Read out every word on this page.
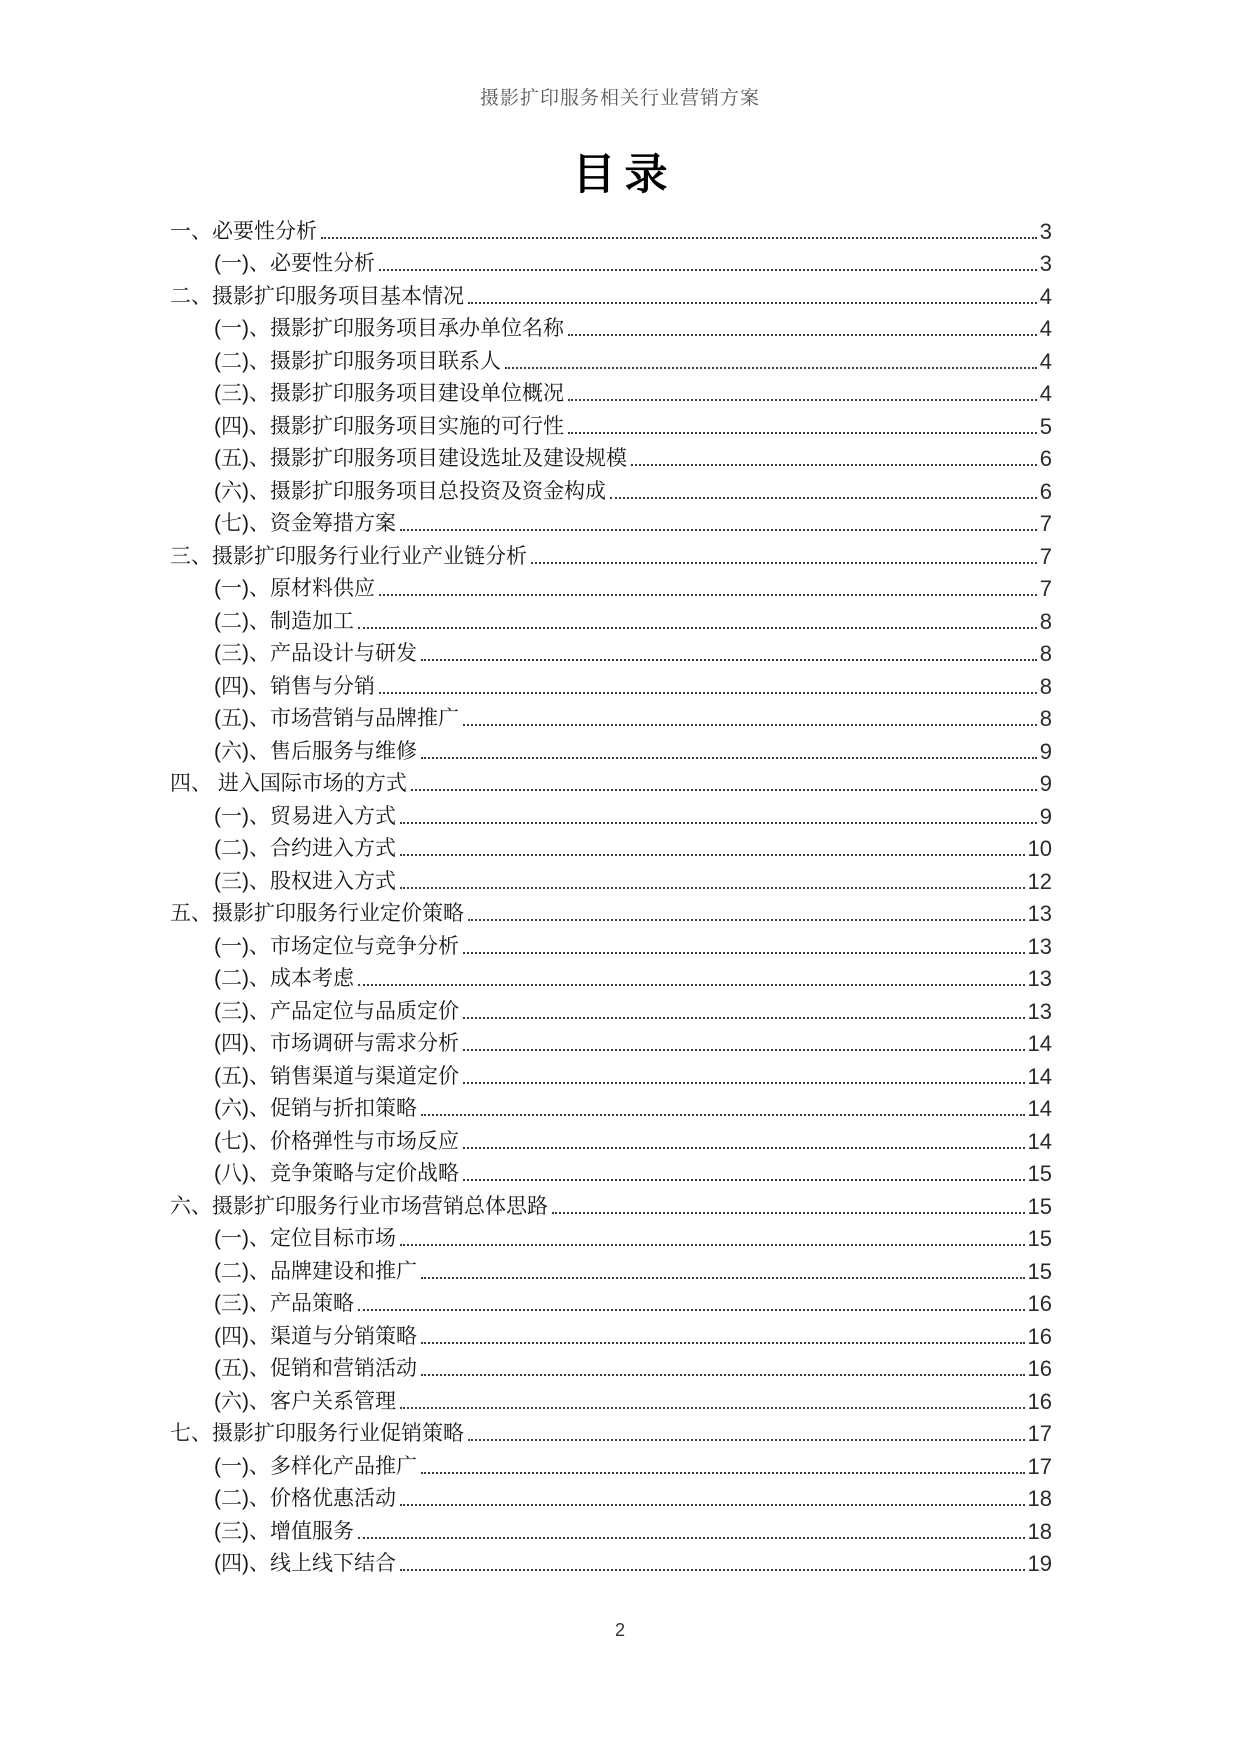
摄影扩印服务相关行业营销方案
目录
一、必要性分析	3
(一)、必要性分析	3
二、摄影扩印服务项目基本情况	4
(一)、摄影扩印服务项目承办单位名称	4
(二)、摄影扩印服务项目联系人	4
(三)、摄影扩印服务项目建设单位概况	4
(四)、摄影扩印服务项目实施的可行性	5
(五)、摄影扩印服务项目建设选址及建设规模	6
(六)、摄影扩印服务项目总投资及资金构成	6
(七)、资金筹措方案	7
三、摄影扩印服务行业行业产业链分析	7
(一)、原材料供应	7
(二)、制造加工	8
(三)、产品设计与研发	8
(四)、销售与分销	8
(五)、市场营销与品牌推广	8
(六)、售后服务与维修	9
四、 进入国际市场的方式	9
(一)、贸易进入方式	9
(二)、合约进入方式	10
(三)、股权进入方式	12
五、摄影扩印服务行业定价策略	13
(一)、市场定位与竞争分析	13
(二)、成本考虑	13
(三)、产品定位与品质定价	13
(四)、市场调研与需求分析	14
(五)、销售渠道与渠道定价	14
(六)、促销与折扣策略	14
(七)、价格弹性与市场反应	14
(八)、竞争策略与定价战略	15
六、摄影扩印服务行业市场营销总体思路	15
(一)、定位目标市场	15
(二)、品牌建设和推广	15
(三)、产品策略	16
(四)、渠道与分销策略	16
(五)、促销和营销活动	16
(六)、客户关系管理	16
七、摄影扩印服务行业促销策略	17
(一)、多样化产品推广	17
(二)、价格优惠活动	18
(三)、增值服务	18
(四)、线上线下结合	19
2
